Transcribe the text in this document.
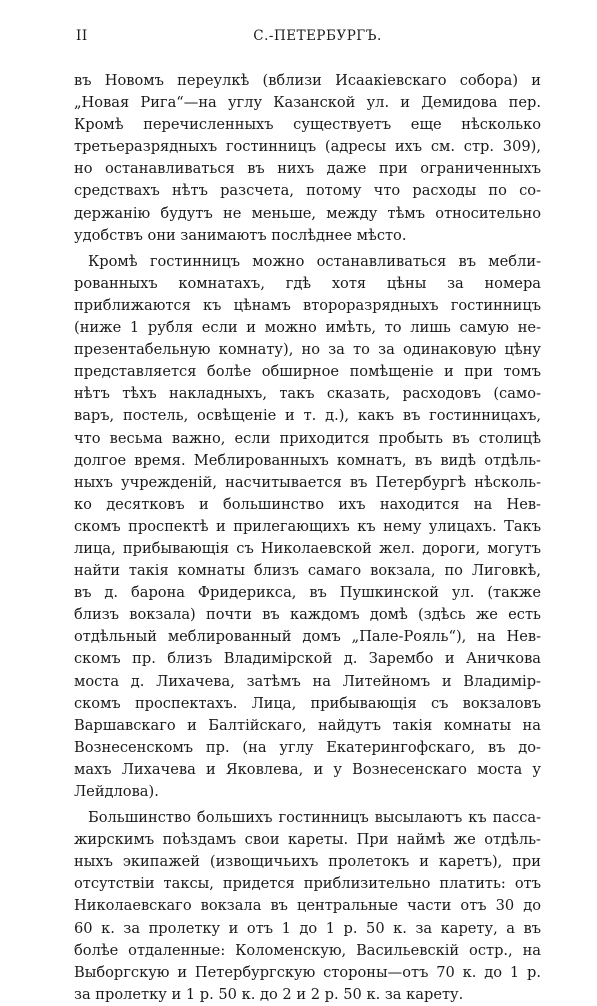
II	С.-ПЕТЕРБУРГЪ.
въ Новомъ переулкѣ (вблизи Исаакіевскаго собора) и
„Новая Рига“—на углу Казанской ул. и Демидова пер.
Кромѣ перечисленныхъ существуетъ еще нѣсколько
третьеразрядныхъ гостинницъ (адресы ихъ см. стр. 309),
но останавливаться въ нихъ даже при ограниченныхъ
средствахъ нѣтъ разсчета, потому что расходы по со-
держанію будутъ не меньше, между тѣмъ относительно
удобствъ они занимаютъ послѣднее мѣсто.
Кромѣ гостинницъ можно останавливаться въ мебли-
рованныхъ комнатахъ, гдѣ хотя цѣны за номера
приближаются къ цѣнамъ второразрядныхъ гостинницъ
(ниже 1 рубля если и можно имѣть, то лишь самую не-
презентабельную комнату), но за то за одинаковую цѣну
представляется болѣе обширное помѣщеніе и при томъ
нѣтъ тѣхъ накладныхъ, такъ сказать, расходовъ (само-
варъ, постель, освѣщеніе и т. д.), какъ въ гостинницахъ,
что весьма важно, если приходится пробыть въ столицѣ
долгое время. Меблированныхъ комнатъ, въ видѣ отдѣль-
ныхъ учрежденій, насчитывается въ Петербургѣ нѣсколь-
ко десятковъ и большинство ихъ находится на Нев-
скомъ проспектѣ и прилегающихъ къ нему улицахъ. Такъ
лица, прибывающія съ Николаевской жел. дороги, могутъ
найти такія комнаты близъ самаго вокзала, по Лиговкѣ,
въ д. барона Фридерикса, въ Пушкинской ул. (также
близъ вокзала) почти въ каждомъ домѣ (здѣсь же есть
отдѣльный меблированный домъ „Пале-Рояль“), на Нев-
скомъ пр. близъ Владимірской д. Зарембо и Аничкова
моста д. Лихачева, затѣмъ на Литейномъ и Владимір-
скомъ проспектахъ. Лица, прибывающія съ вокзаловъ
Варшавскаго и Балтійскаго, найдутъ такія комнаты на
Вознесенскомъ пр. (на углу Екатерингофскаго, въ до-
махъ Лихачева и Яковлева, и у Вознесенскаго моста у
Лейдлова).
Большинство большихъ гостинницъ высылаютъ къ пасса-
жирскимъ поѣздамъ свои кареты. При наймѣ же отдѣль-
ныхъ экипажей (извощичьихъ пролетокъ и каретъ), при
отсутствіи таксы, придется приблизительно платить: отъ
Николаевскаго вокзала въ центральные части отъ 30 до
60 к. за пролетку и отъ 1 до 1 р. 50 к. за карету, а въ
болѣе отдаленные: Коломенскую, Васильевскій остр., на
Выборгскую и Петербургскую стороны—отъ 70 к. до 1 р.
за пролетку и 1 р. 50 к. до 2 и 2 р. 50 к. за карету.
